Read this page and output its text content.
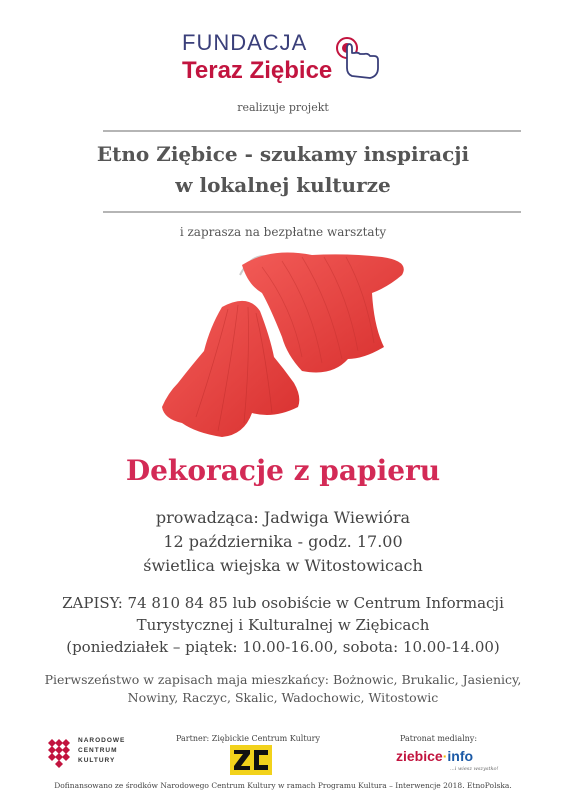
FUNDACJA
Teraz Ziębice
realizuje projekt
Etno Ziębice - szukamy inspiracji
w lokalnej kulturze
i zaprasza na bezpłatne warsztaty
Dekoracje z papieru
prowadząca: Jadwiga Wiewióra
12 października - godz. 17.00
świetlica wiejska w Witostowicach
ZAPISY: 74 810 84 85 lub osobiście w Centrum Informacji
Turystycznej i Kulturalnej w Ziębicach
(poniedziałek – piątek: 10.00-16.00, sobota: 10.00-14.00)
Pierwszeństwo w zapisach maja mieszkańcy: Bożnowic, Brukalic, Jasienicy,
Nowiny, Raczyc, Skalic, Wadochowic, Witostowic
NARODOWE
CENTRUM
KULTURY
Partner: Ziębickie Centrum Kultury	Patronat medialny:
ziebice·info
...i wiesz wszystko!
Dofinansowano ze środków Narodowego Centrum Kultury w ramach Programu Kultura – Interwencje 2018. EtnoPolska.
